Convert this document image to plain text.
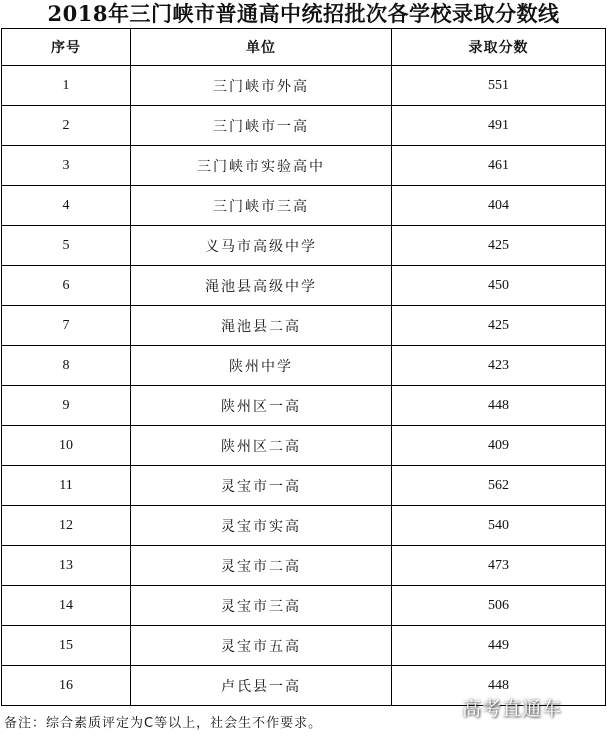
2018年三门峡市普通高中统招批次各学校录取分数线
序号	单位	录取分数
1	三门峡市外高	551
2	三门峡市一高	491
3	三门峡市实验高中	461
4	三门峡市三高	404
5	义马市高级中学	425
6	渑池县高级中学	450
7	渑池县二高	425
8	陕州中学	423
9	陕州区一高	448
10	陕州区二高	409
11	灵宝市一高	562
12	灵宝市实高	540
13	灵宝市二高	473
14	灵宝市三高	506
15	灵宝市五高	449
16	卢氏县一高	448
备注：综合素质评定为C等以上，社会生不作要求。
高考直通车
